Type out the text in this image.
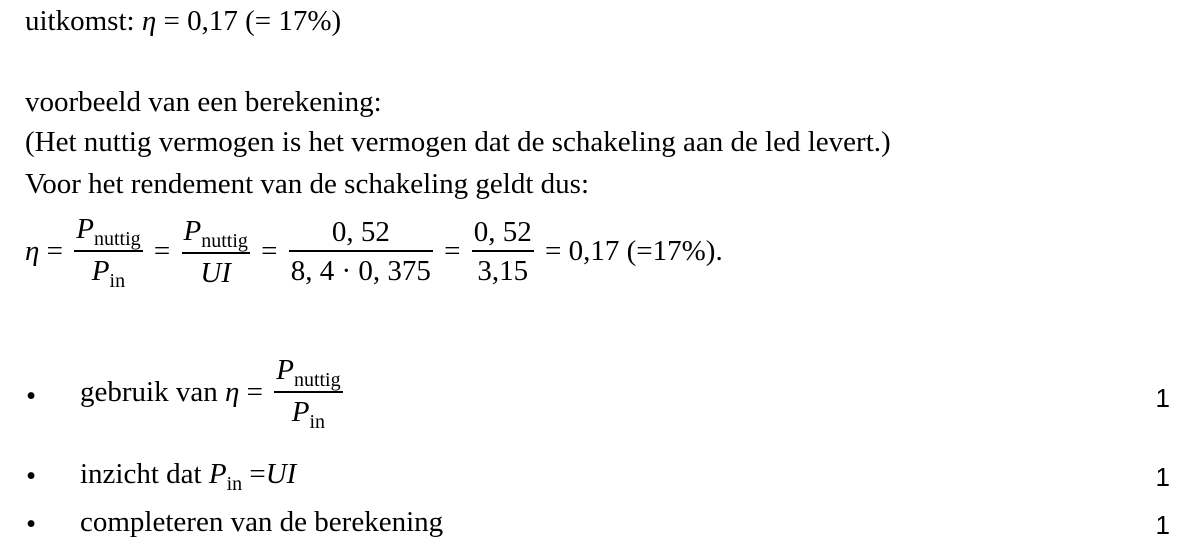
uitkomst: η = 0,17 (= 17%)
voorbeeld van een berekening:
(Het nuttig vermogen is het vermogen dat de schakeling aan de led levert.)
Voor het rendement van de schakeling geldt dus:
$\eta = \frac{P_{nuttig}}{P_{in}} = \frac{P_{nuttig}}{UI} = \frac{0, 52}{8, 4 \cdot 0, 375} = \frac{0, 52}{3,15} = 0,17$ (=17%).
• gebruik van $\eta = \frac{P_{nuttig}}{P_{in}}$	1
• inzicht dat $P_{in} =UI$	1
• completeren van de berekening	1
